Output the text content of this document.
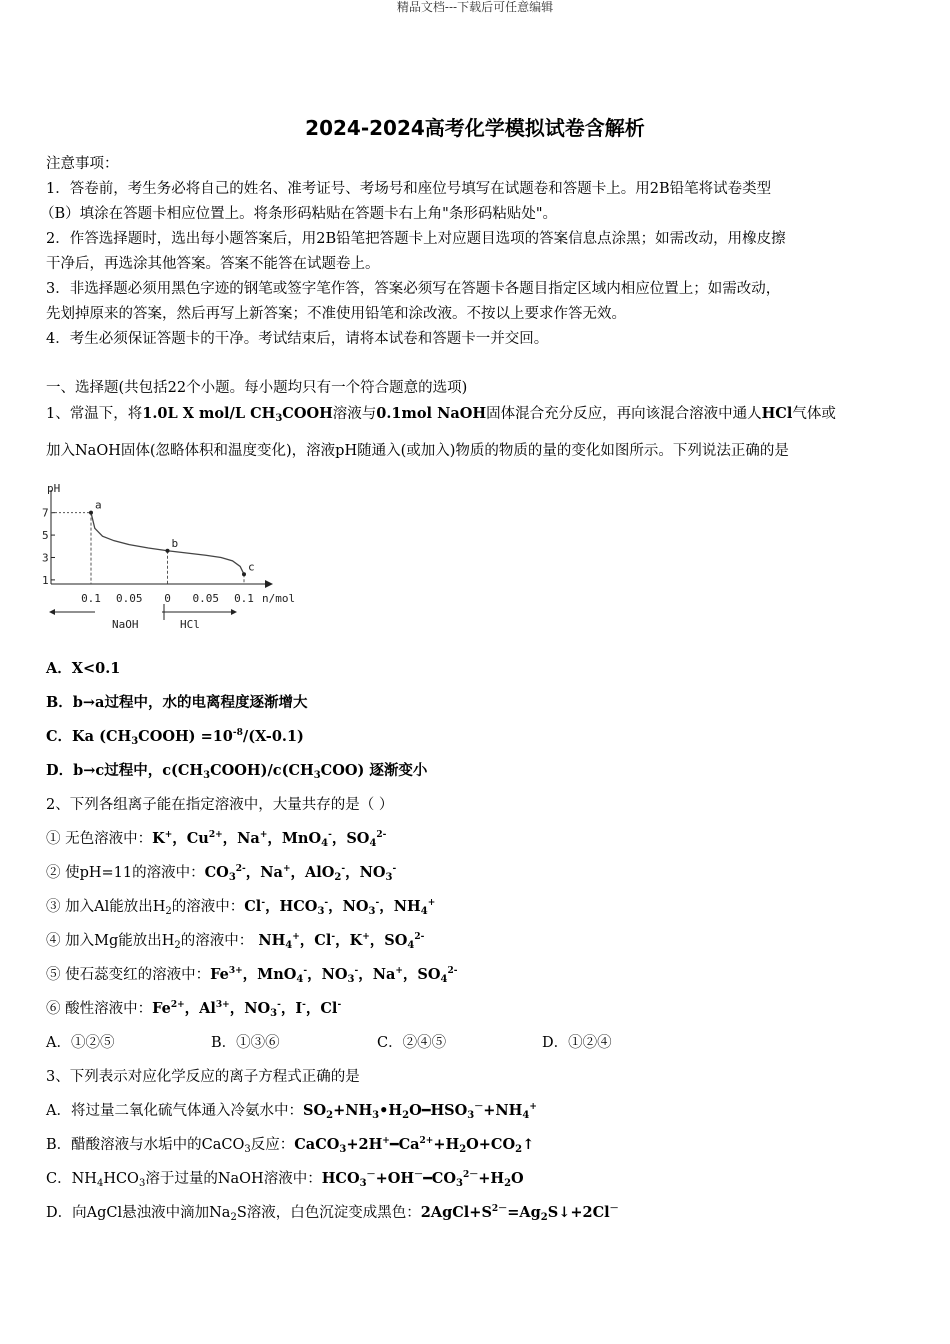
精品文档---下载后可任意编辑
2024-2024高考化学模拟试卷含解析
注意事项：
1．答卷前，考生务必将自己的姓名、准考证号、考场号和座位号填写在试题卷和答题卡上。用2B铅笔将试卷类型
（B）填涂在答题卡相应位置上。将条形码粘贴在答题卡右上角"条形码粘贴处"。
2．作答选择题时，选出每小题答案后，用2B铅笔把答题卡上对应题目选项的答案信息点涂黑；如需改动，用橡皮擦
干净后，再选涂其他答案。答案不能答在试题卷上。
3．非选择题必须用黑色字迹的钢笔或签字笔作答，答案必须写在答题卡各题目指定区域内相应位置上；如需改动，
先划掉原来的答案，然后再写上新答案；不准使用铅笔和涂改液。不按以上要求作答无效。
4．考生必须保证答题卡的干净。考试结束后，请将本试卷和答题卡一并交回。
一、选择题(共包括22个小题。每小题均只有一个符合题意的选项)
1、常温下，将1.0L X mol/L $CH_3COOH$溶液与0.1mol NaOH固体混合充分反应，再向该混合溶液中通人HCl气体或
加入NaOH固体(忽略体积和温度变化)，溶液pH随通入(或加入)物质的物质的量的变化如图所示。下列说法正确的是
pH
n/mol
7
5
3
1
0.1 0.05 0 0.05 0.1
a
b
c
NaOH	HCl
A．X<0.1
B．b→a过程中，水的电离程度逐渐增大
C．Ka $(CH_3COOH) =10^{-8}/(X-0.1)$
D．b→c过程中，$c(CH_3COOH)/c(CH_3COO)$ 逐渐变小
2、下列各组离子能在指定溶液中，大量共存的是（ ）
① 无色溶液中：K+，$Cu^{2+}$，Na+，MnO$_4$-，$SO_4^{2-}$
② 使pH=11的溶液中：$CO_3^{2-}$，Na+，AlO$_2$-，$NO_3^-$
③ 加入Al能放出$H_2$的溶液中：Cl-，$HCO_3^-$，$NO_3^-$，$NH_4^+$
④ 加入Mg能放出$H_2$的溶液中： $NH_4^+$，Cl-，K+，$SO_4^{2-}$
⑤ 使石蕊变红的溶液中：$Fe^{3+}$，MnO$_4$-，$NO_3^-$，Na+，$SO_4^{2-}$
⑥ 酸性溶液中：$Fe^{2+}$，$Al^{3+}$，$NO_3^-$，I-，Cl-
A．①②⑤	B．①③⑥	C．②④⑤	D．①②④
3、下列表示对应化学反应的离子方程式正确的是
A．将过量二氧化硫气体通入冷氨水中：$SO_2+NH_3•H_2O━HSO_3^-+NH_4^+$
B．醋酸溶液与水垢中的CaCO$_3$反应：$CaCO_3+2H^+━Ca^{2+}+H_2O+CO_2↑$
C．$NH_4HCO_3$溶于过量的NaOH溶液中：$HCO_3^-+OH^-━CO_3^{2-}+H_2O$
D．向AgCl悬浊液中滴加$Na_2S$溶液，白色沉淀变成黑色：$2AgCl+S^{2-}=Ag_2S↓+2Cl^-$
